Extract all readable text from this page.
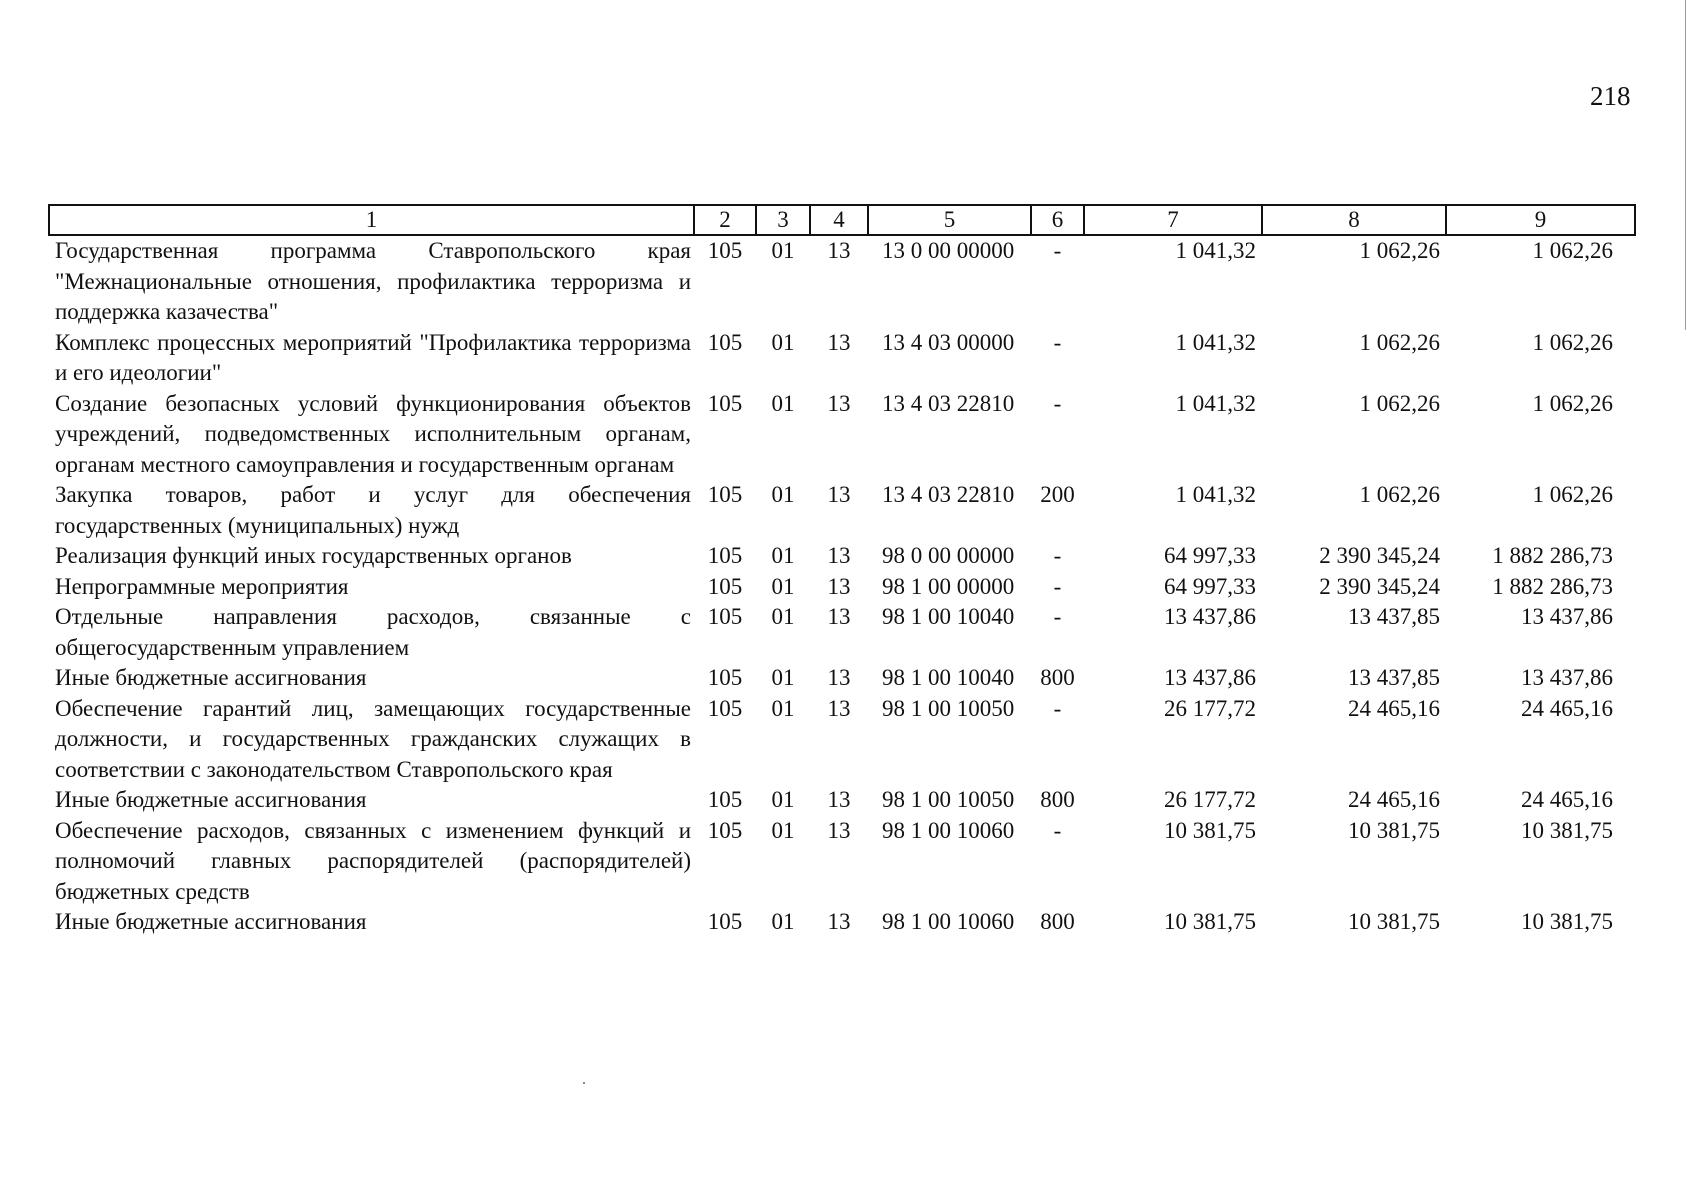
218
1	2	3	4	5	6	7	8	9
Государственная программа Ставропольского края "Межнациональные отношения, профилактика терроризма и поддержка казачества"	105	01	13	13 0 00 00000	-	1 041,32	1 062,26	1 062,26
Комплекс процессных мероприятий "Профилактика терроризма и его идеологии"	105	01	13	13 4 03 00000	-	1 041,32	1 062,26	1 062,26
Создание безопасных условий функционирования объектов учреждений, подведомственных исполнительным органам, органам местного самоуправления и государственным органам	105	01	13	13 4 03 22810	-	1 041,32	1 062,26	1 062,26
Закупка товаров, работ и услуг для обеспечения государственных (муниципальных) нужд	105	01	13	13 4 03 22810	200	1 041,32	1 062,26	1 062,26
Реализация функций иных государственных органов	105	01	13	98 0 00 00000	-	64 997,33	2 390 345,24	1 882 286,73
Непрограммные мероприятия	105	01	13	98 1 00 00000	-	64 997,33	2 390 345,24	1 882 286,73
Отдельные направления расходов, связанные с общегосударственным управлением	105	01	13	98 1 00 10040	-	13 437,86	13 437,85	13 437,86
Иные бюджетные ассигнования	105	01	13	98 1 00 10040	800	13 437,86	13 437,85	13 437,86
Обеспечение гарантий лиц, замещающих государственные должности, и государственных гражданских служащих в соответствии с законодательством Ставропольского края	105	01	13	98 1 00 10050	-	26 177,72	24 465,16	24 465,16
Иные бюджетные ассигнования	105	01	13	98 1 00 10050	800	26 177,72	24 465,16	24 465,16
Обеспечение расходов, связанных с изменением функций и полномочий главных распорядителей (распорядителей) бюджетных средств	105	01	13	98 1 00 10060	-	10 381,75	10 381,75	10 381,75
Иные бюджетные ассигнования	105	01	13	98 1 00 10060	800	10 381,75	10 381,75	10 381,75
